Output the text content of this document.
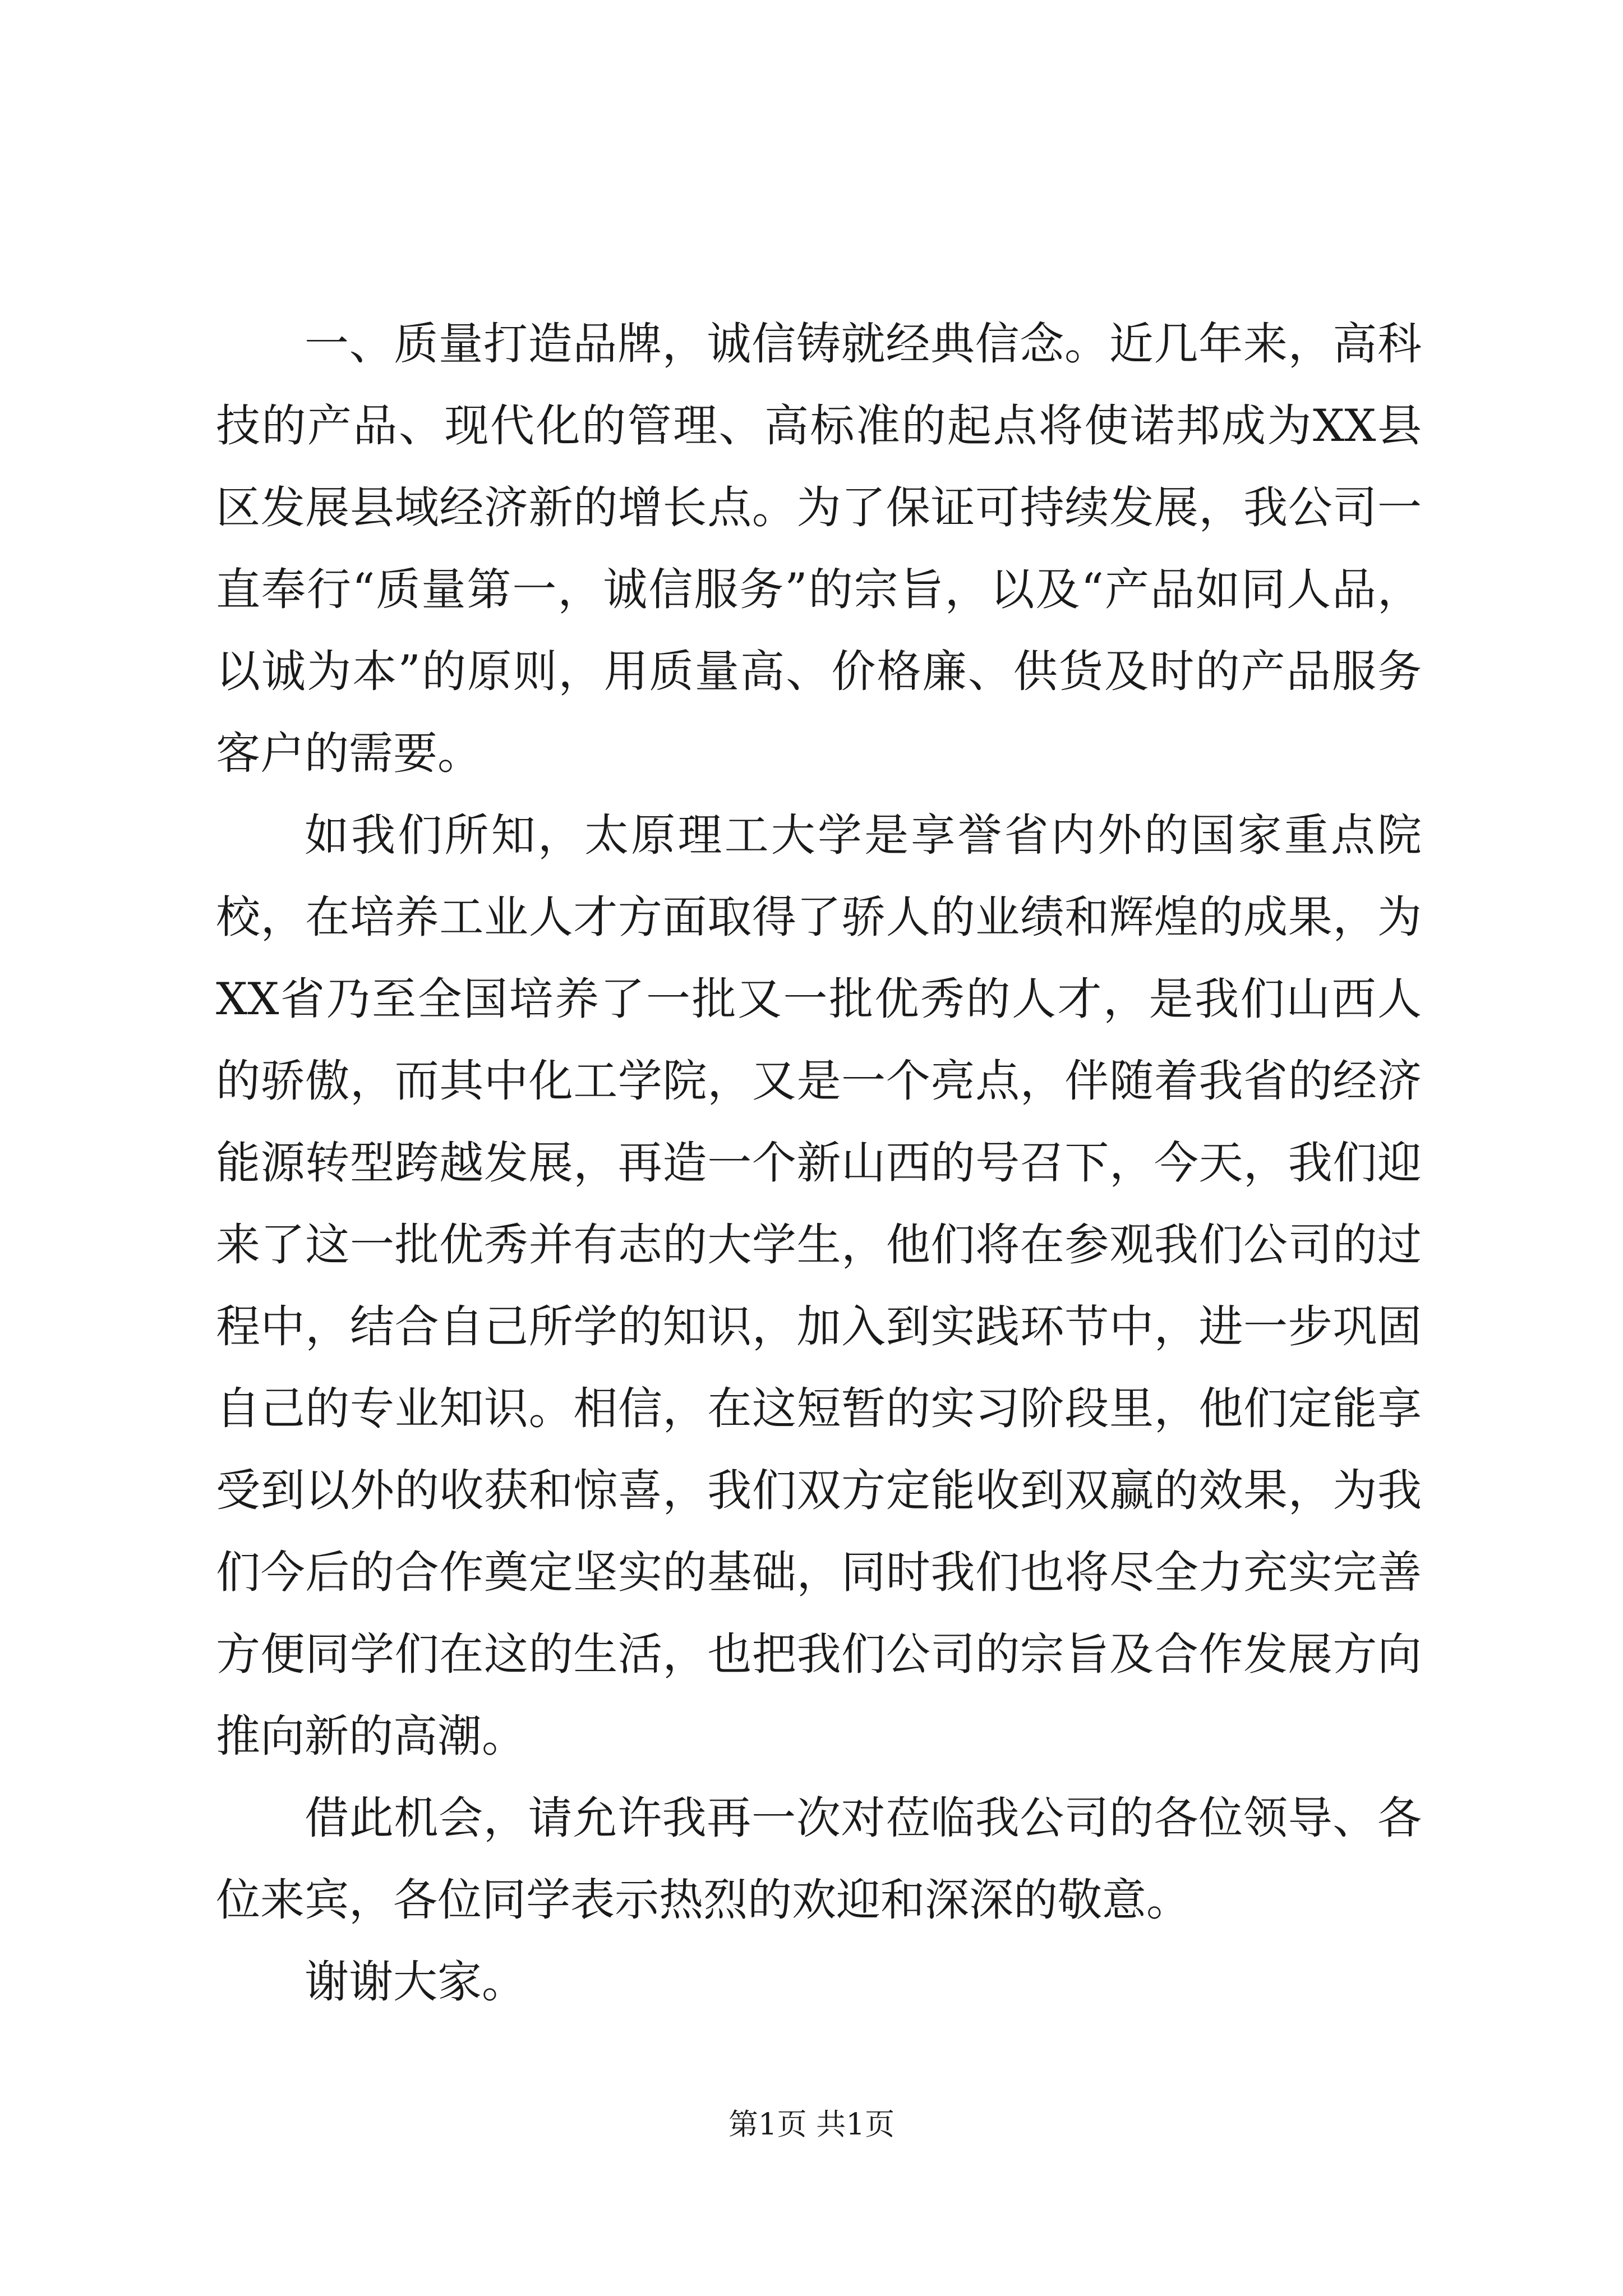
一、质量打造品牌，诚信铸就经典信念。近几年来，高科技的产品、现代化的管理、高标准的起点将使诺邦成为XX县区发展县域经济新的增长点。为了保证可持续发展，我公司一直奉行“质量第一，诚信服务”的宗旨，以及“产品如同人品，以诚为本”的原则，用质量高、价格廉、供货及时的产品服务客户的需要。

如我们所知，太原理工大学是享誉省内外的国家重点院校，在培养工业人才方面取得了骄人的业绩和辉煌的成果，为XX省乃至全国培养了一批又一批优秀的人才，是我们山西人的骄傲，而其中化工学院，又是一个亮点，伴随着我省的经济能源转型跨越发展，再造一个新山西的号召下，今天，我们迎来了这一批优秀并有志的大学生，他们将在参观我们公司的过程中，结合自己所学的知识，加入到实践环节中，进一步巩固自己的专业知识。相信，在这短暂的实习阶段里，他们定能享受到以外的收获和惊喜，我们双方定能收到双赢的效果，为我们今后的合作奠定坚实的基础，同时我们也将尽全力充实完善方便同学们在这的生活，也把我们公司的宗旨及合作发展方向推向新的高潮。

借此机会，请允许我再一次对莅临我公司的各位领导、各位来宾，各位同学表示热烈的欢迎和深深的敬意。

谢谢大家。

第1页 共1页
